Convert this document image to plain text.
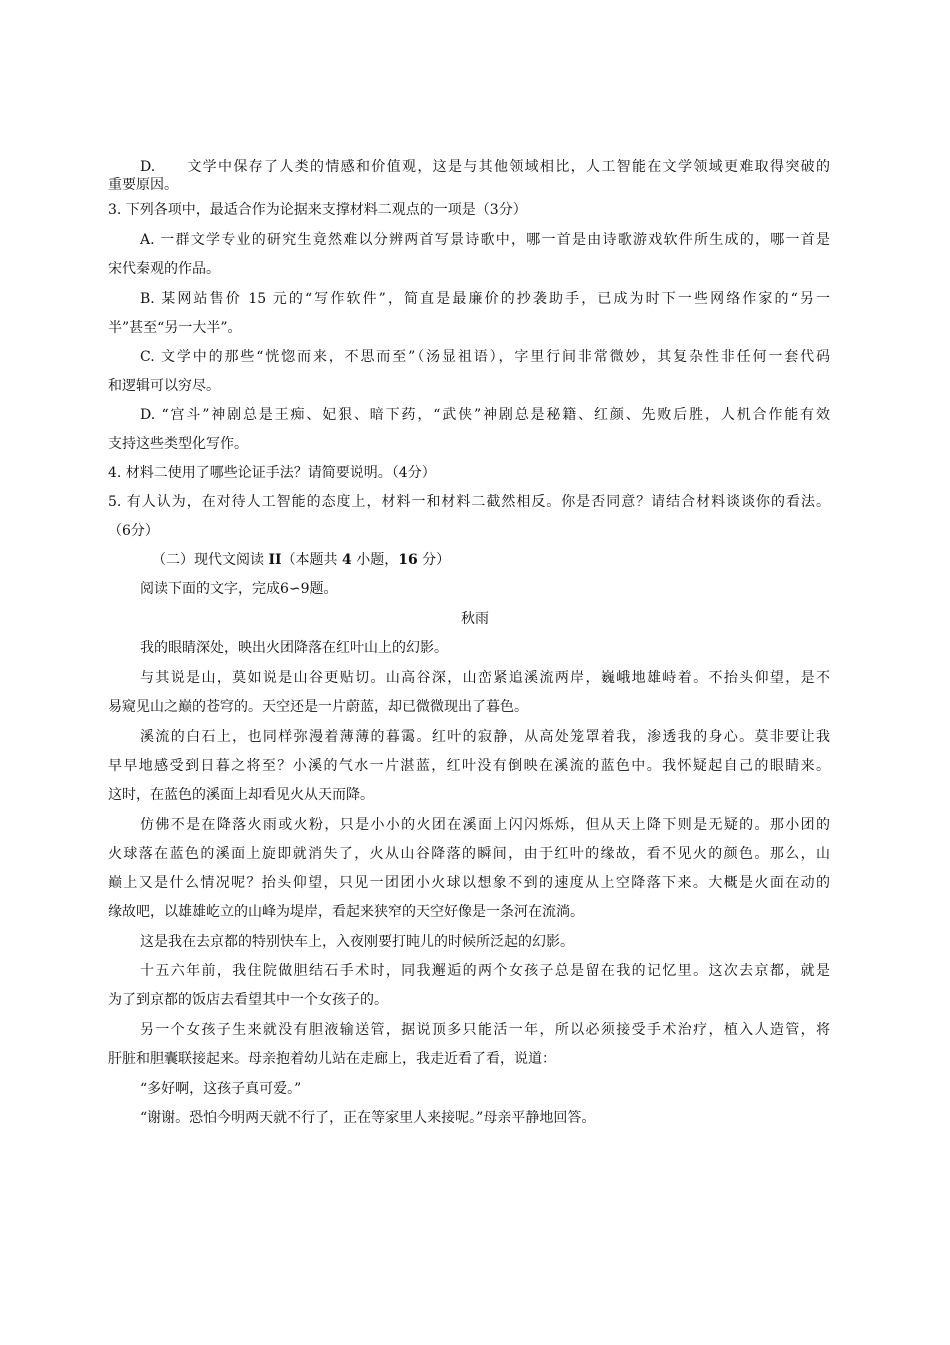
D. 文学中保存了人类的情感和价值观，这是与其他领域相比，人工智能在文学领域更难取得突破的
重要原因。
3. 下列各项中，最适合作为论据来支撑材料二观点的一项是（3分）
A. 一群文学专业的研究生竟然难以分辨两首写景诗歌中，哪一首是由诗歌游戏软件所生成的，哪一首是
宋代秦观的作品。
B. 某网站售价 15 元的“写作软件”，简直是最廉价的抄袭助手，已成为时下一些网络作家的“另一
半”甚至“另一大半”。
C. 文学中的那些“恍惚而来，不思而至”（汤显祖语），字里行间非常微妙，其复杂性非任何一套代码
和逻辑可以穷尽。
D. “宫斗”神剧总是王痴、妃狠、暗下药，“武侠”神剧总是秘籍、红颜、先败后胜，人机合作能有效
支持这些类型化写作。
4. 材料二使用了哪些论证手法？请简要说明。（4分）
5. 有人认为，在对待人工智能的态度上，材料一和材料二截然相反。你是否同意？请结合材料谈谈你的看法。
（6分）
（二）现代文阅读 II（本题共 4 小题，16 分）
阅读下面的文字，完成6∽9题。
秋雨
我的眼睛深处，映出火团降落在红叶山上的幻影。
与其说是山，莫如说是山谷更贴切。山高谷深，山峦紧追溪流两岸，巍峨地雄峙着。不抬头仰望，是不
易窥见山之巅的苍穹的。天空还是一片蔚蓝，却已微微现出了暮色。
溪流的白石上，也同样弥漫着薄薄的暮霭。红叶的寂静，从高处笼罩着我，渗透我的身心。莫非要让我
早早地感受到日暮之将至？小溪的气水一片湛蓝，红叶没有倒映在溪流的蓝色中。我怀疑起自己的眼睛来。
这时，在蓝色的溪面上却看见火从天而降。
仿佛不是在降落火雨或火粉，只是小小的火团在溪面上闪闪烁烁，但从天上降下则是无疑的。那小团的
火球落在蓝色的溪面上旋即就消失了，火从山谷降落的瞬间，由于红叶的缘故，看不见火的颜色。那么，山
巅上又是什么情况呢？抬头仰望，只见一团团小火球以想象不到的速度从上空降落下来。大概是火面在动的
缘故吧，以雄雄屹立的山峰为堤岸，看起来狭窄的天空好像是一条河在流淌。
这是我在去京都的特别快车上，入夜刚要打盹儿的时候所泛起的幻影。
十五六年前，我住院做胆结石手术时，同我邂逅的两个女孩子总是留在我的记忆里。这次去京都，就是
为了到京都的饭店去看望其中一个女孩子的。
另一个女孩子生来就没有胆液输送管，据说顶多只能活一年，所以必须接受手术治疗，植入人造管，将
肝脏和胆囊联接起来。母亲抱着幼儿站在走廊上，我走近看了看，说道：
“多好啊，这孩子真可爱。”
“谢谢。恐怕今明两天就不行了，正在等家里人来接呢。”母亲平静地回答。
